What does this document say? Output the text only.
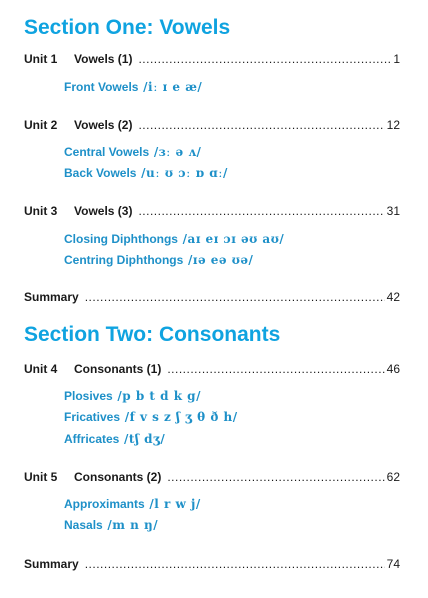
Section One: Vowels
Unit 1	Vowels (1) .....	1
Front Vowels /iː ɪ e æ/
Unit 2	Vowels (2) .....	12
Central Vowels /ɜː ə ʌ/
Back Vowels /uː ʊ ɔː ɒ ɑː/
Unit 3	Vowels (3) .....	31
Closing Diphthongs /aɪ eɪ ɔɪ əʊ aʊ/
Centring Diphthongs /ɪə eə ʊə/
Summary .....	42
Section Two: Consonants
Unit 4	Consonants (1) .....	46
Plosives /p b t d k g/
Fricatives /f v s z ʃ ʒ θ ð h/
Affricates /tʃ dʒ/
Unit 5	Consonants (2) .....	62
Approximants /l r w j/
Nasals /m n ŋ/
Summary .....	74
